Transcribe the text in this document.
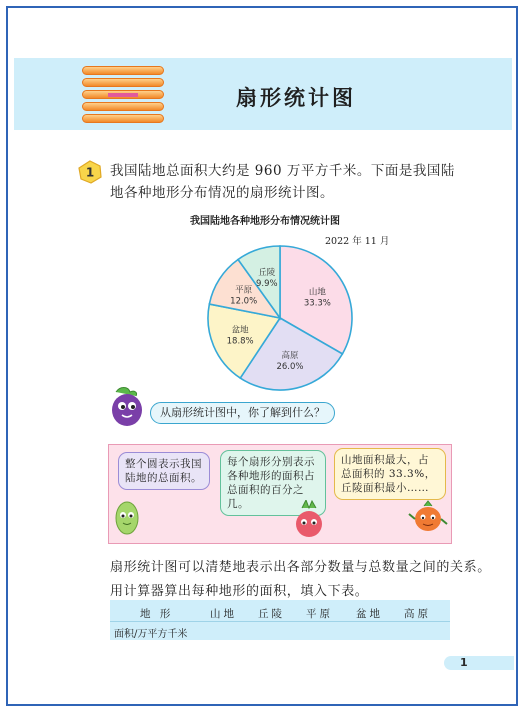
扇形统计图
1 我国陆地总面积大约是 960 万平方千米。下面是我国陆地各种地形分布情况的扇形统计图。
我国陆地各种地形分布情况统计图
2022 年 11 月
山地
33.3%
高原
26.0%
盆地
18.8%
平原
12.0%
丘陵
9.9%
从扇形统计图中，你了解到什么？
整个圆表示我国陆地的总面积。
每个扇形分别表示各种地形的面积占总面积的百分之几。
山地面积最大，占总面积的 33.3%，丘陵面积最小……
扇形统计图可以清楚地表示出各部分数量与总数量之间的关系。
用计算器算出每种地形的面积，填入下表。
地 形	山地 丘陵 平原 盆地 高原
面积/万平方千米
1
